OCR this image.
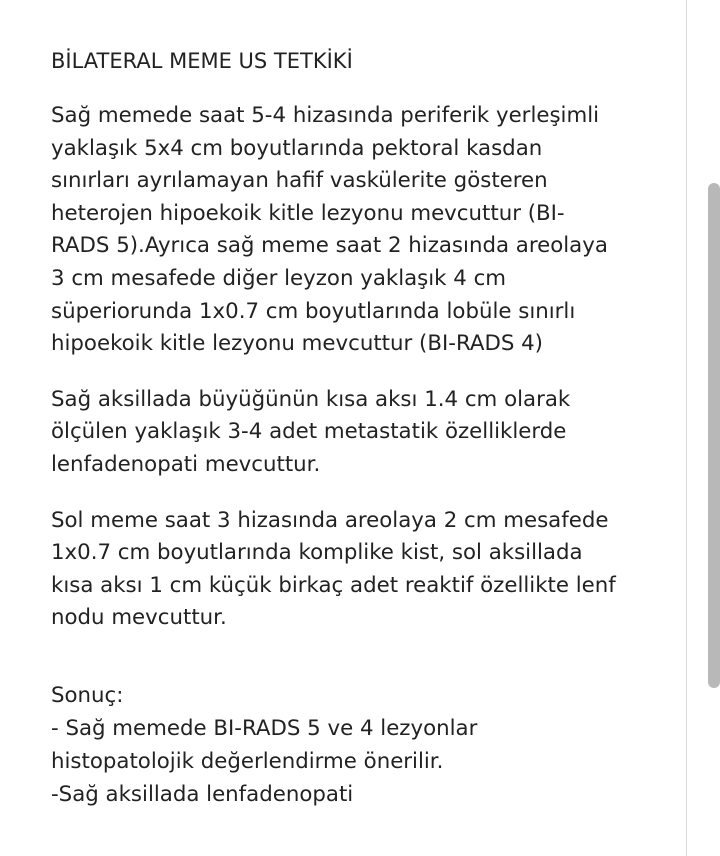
BİLATERAL MEME US TETKİKİ
Sağ memede saat 5-4 hizasında periferik yerleşimli
yaklaşık 5x4 cm boyutlarında pektoral kasdan
sınırları ayrılamayan hafif vaskülerite gösteren
heterojen hipoekoik kitle lezyonu mevcuttur (BI-
RADS 5).Ayrıca sağ meme saat 2 hizasında areolaya
3 cm mesafede diğer leyzon yaklaşık 4 cm
süperiorunda 1x0.7 cm boyutlarında lobüle sınırlı
hipoekoik kitle lezyonu mevcuttur (BI-RADS 4)
Sağ aksillada büyüğünün kısa aksı 1.4 cm olarak
ölçülen yaklaşık 3-4 adet metastatik özelliklerde
lenfadenopati mevcuttur.
Sol meme saat 3 hizasında areolaya 2 cm mesafede
1x0.7 cm boyutlarında komplike kist, sol aksillada
kısa aksı 1 cm küçük birkaç adet reaktif özellikte lenf
nodu mevcuttur.
Sonuç:
- Sağ memede BI-RADS 5 ve 4 lezyonlar
histopatolojik değerlendirme önerilir.
-Sağ aksillada lenfadenopati
